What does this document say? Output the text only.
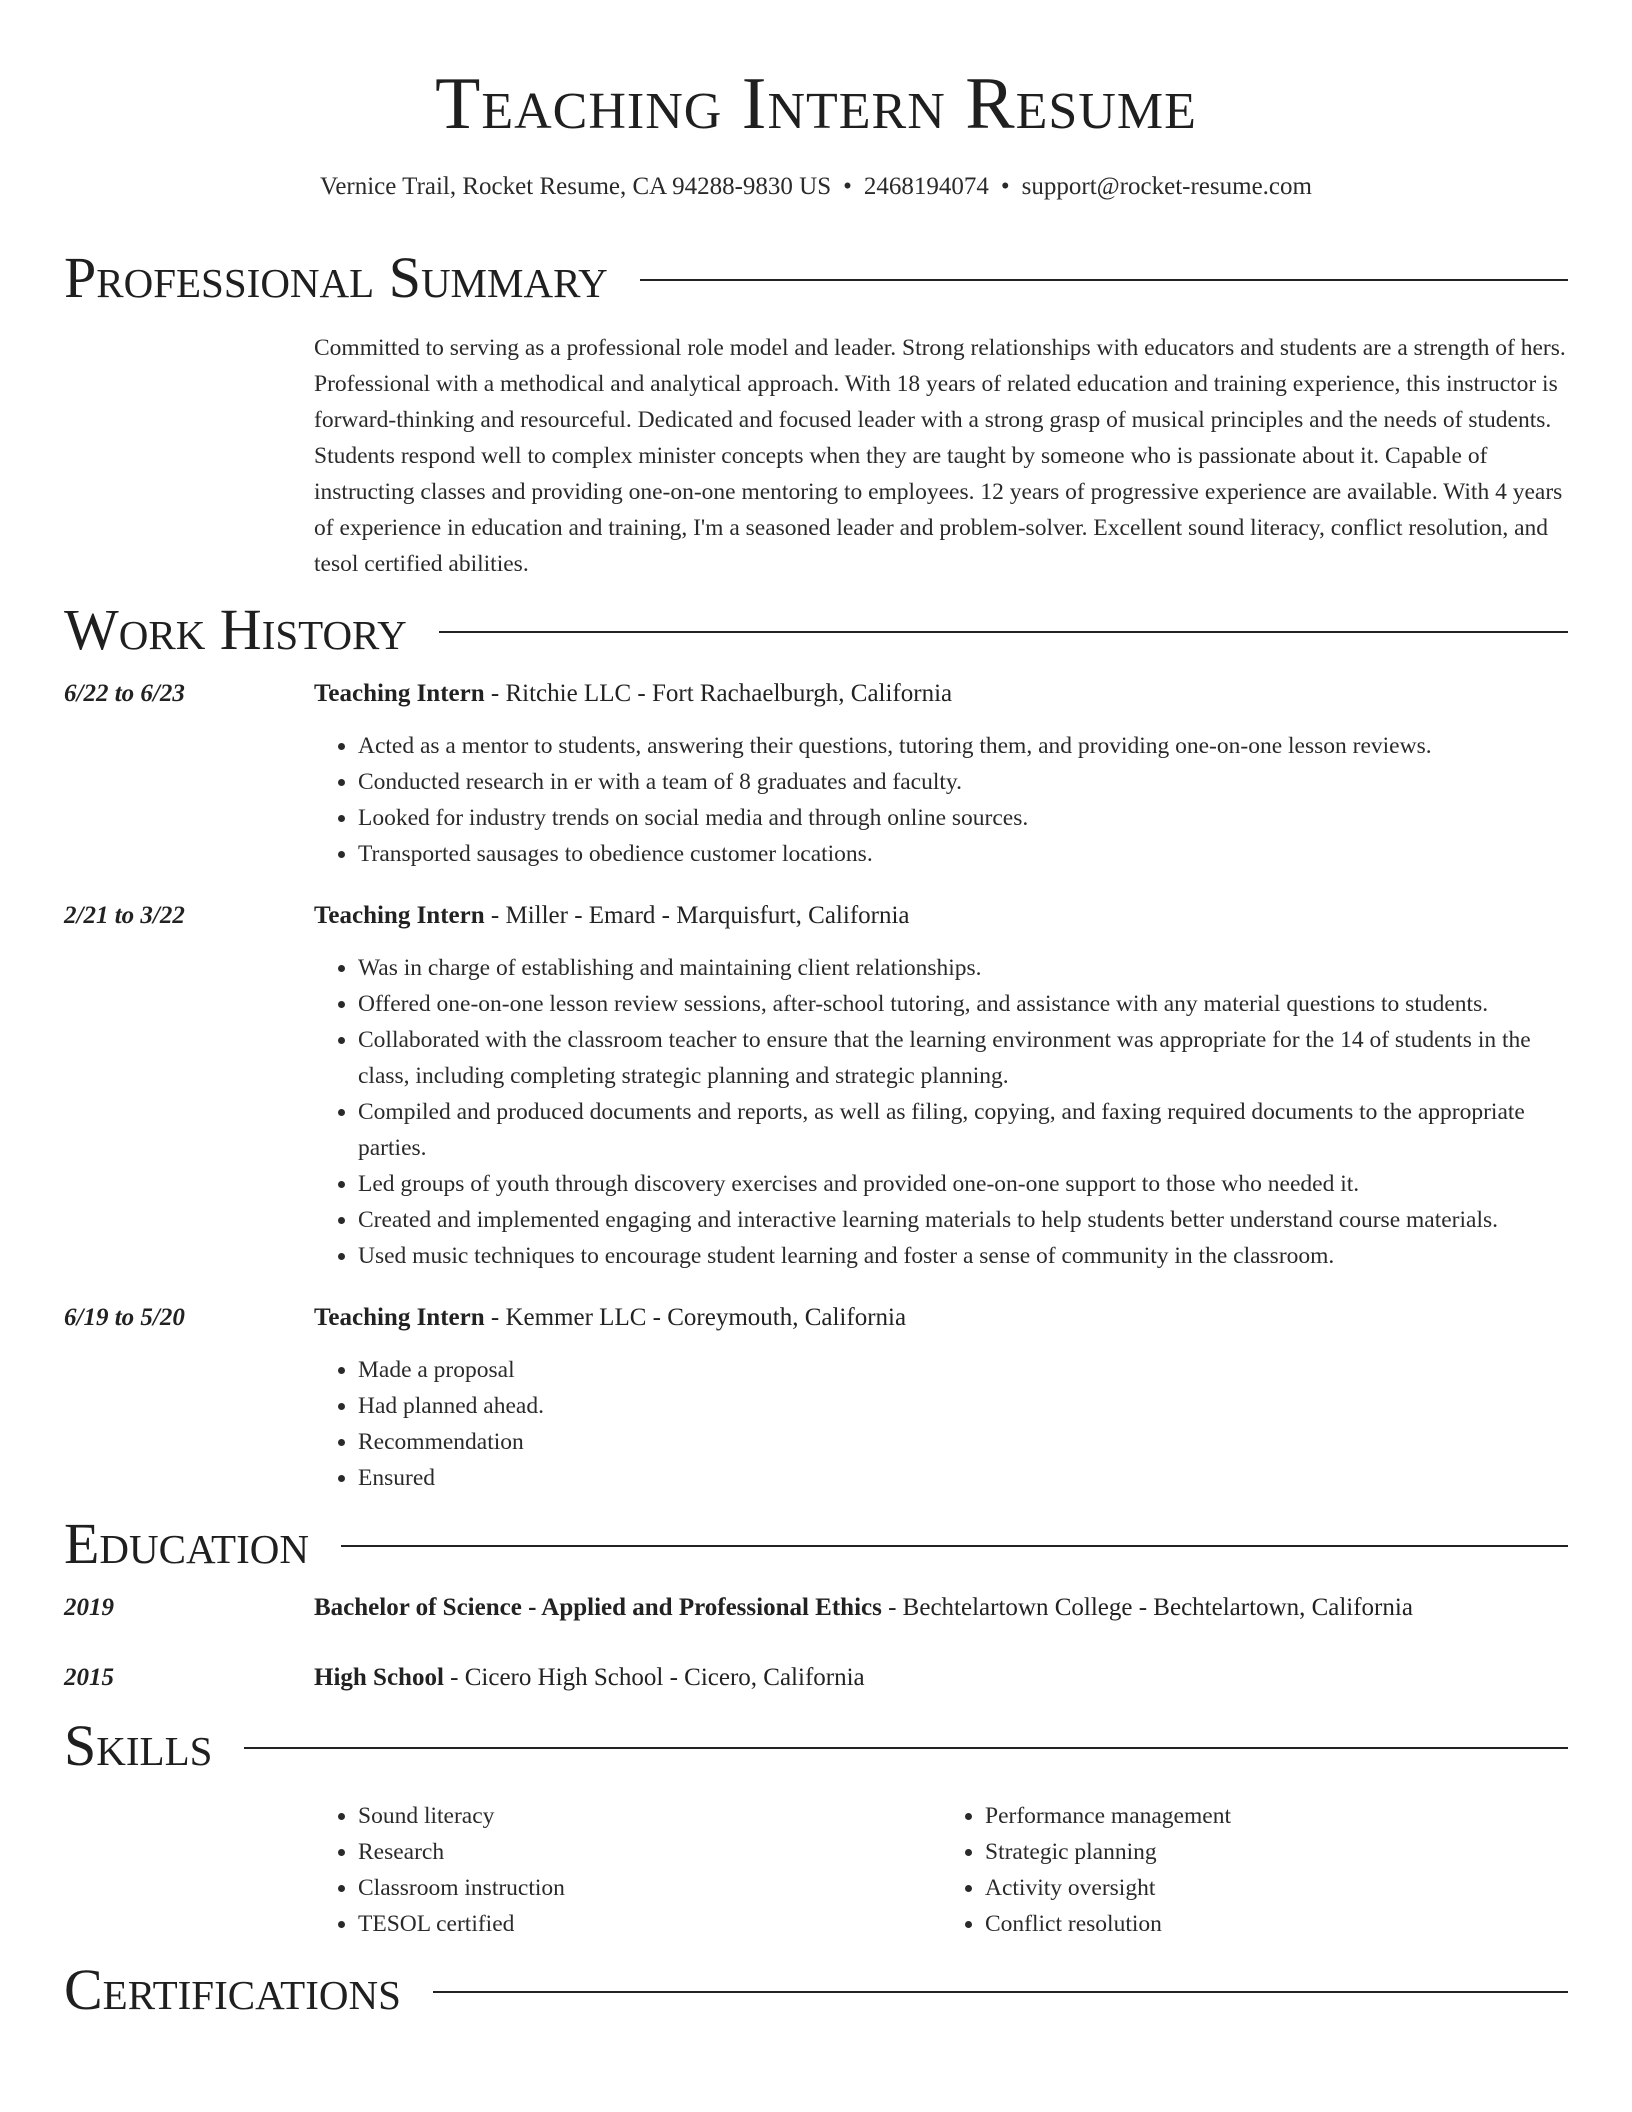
Teaching Intern Resume
Vernice Trail, Rocket Resume, CA 94288-9830 US • 2468194074 • support@rocket-resume.com
Professional Summary
Committed to serving as a professional role model and leader. Strong relationships with educators and students are a strength of hers. Professional with a methodical and analytical approach. With 18 years of related education and training experience, this instructor is forward-thinking and resourceful. Dedicated and focused leader with a strong grasp of musical principles and the needs of students. Students respond well to complex minister concepts when they are taught by someone who is passionate about it. Capable of instructing classes and providing one-on-one mentoring to employees. 12 years of progressive experience are available. With 4 years of experience in education and training, I'm a seasoned leader and problem-solver. Excellent sound literacy, conflict resolution, and tesol certified abilities.
Work History
6/22 to 6/23	Teaching Intern - Ritchie LLC - Fort Rachaelburgh, California
• Acted as a mentor to students, answering their questions, tutoring them, and providing one-on-one lesson reviews.
• Conducted research in er with a team of 8 graduates and faculty.
• Looked for industry trends on social media and through online sources.
• Transported sausages to obedience customer locations.
2/21 to 3/22	Teaching Intern - Miller - Emard - Marquisfurt, California
• Was in charge of establishing and maintaining client relationships.
• Offered one-on-one lesson review sessions, after-school tutoring, and assistance with any material questions to students.
• Collaborated with the classroom teacher to ensure that the learning environment was appropriate for the 14 of students in the class, including completing strategic planning and strategic planning.
• Compiled and produced documents and reports, as well as filing, copying, and faxing required documents to the appropriate parties.
• Led groups of youth through discovery exercises and provided one-on-one support to those who needed it.
• Created and implemented engaging and interactive learning materials to help students better understand course materials.
• Used music techniques to encourage student learning and foster a sense of community in the classroom.
6/19 to 5/20	Teaching Intern - Kemmer LLC - Coreymouth, California
• Made a proposal
• Had planned ahead.
• Recommendation
• Ensured
Education
2019	Bachelor of Science - Applied and Professional Ethics - Bechtelartown College - Bechtelartown, California
2015	High School - Cicero High School - Cicero, California
Skills
• Sound literacy
• Research
• Classroom instruction
• TESOL certified
• Performance management
• Strategic planning
• Activity oversight
• Conflict resolution
Certifications
